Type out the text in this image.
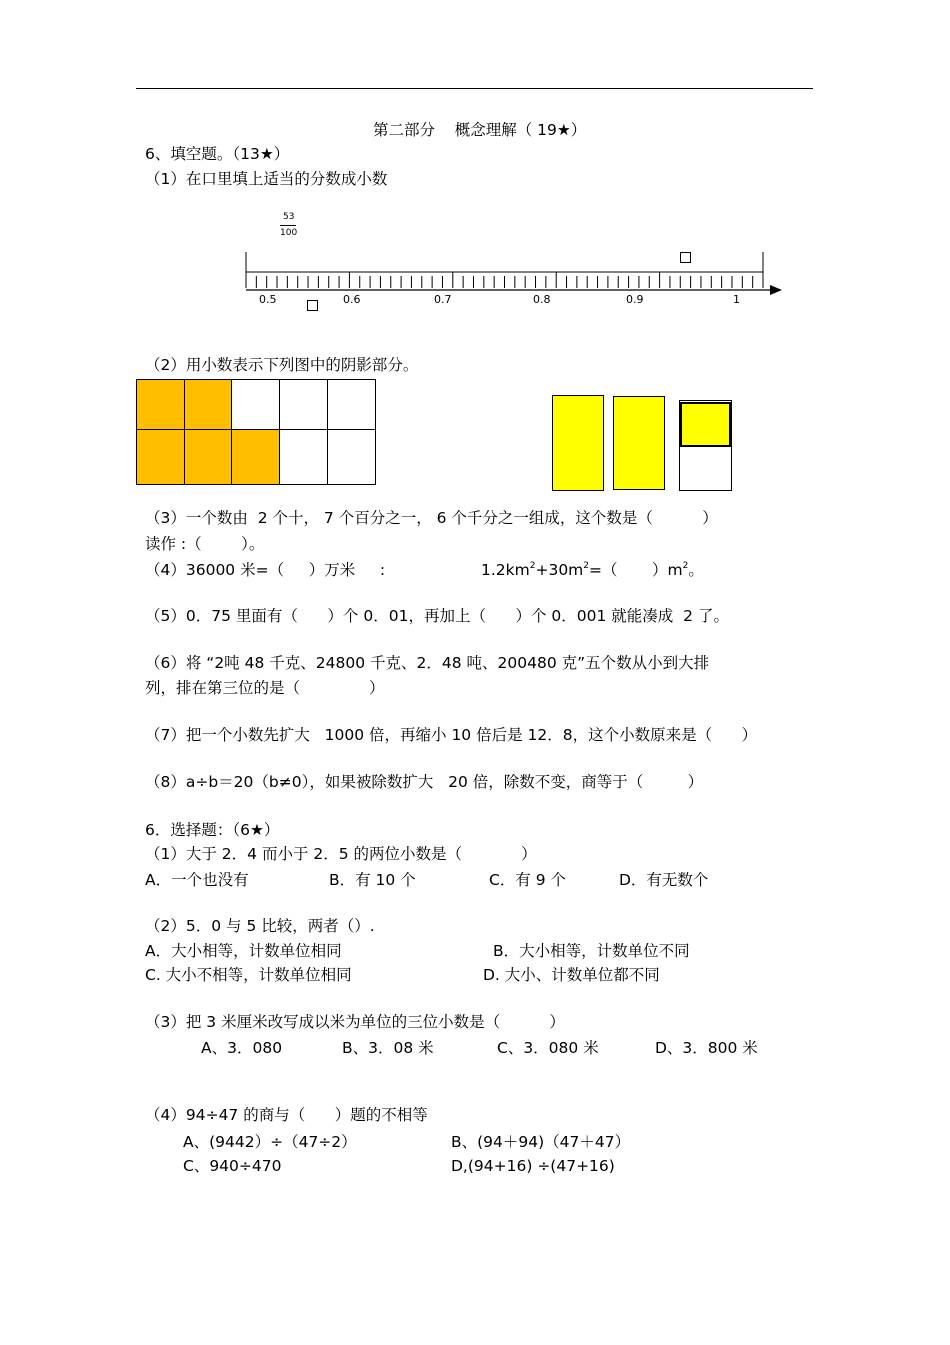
第二部分    概念理解（ 19★）
6、填空题。（13★）
（1）在口里填上适当的分数成小数
53
100
0.5	0.6	0.7	0.8	0.9	1
（2）用小数表示下列图中的阴影部分。
（3）一个数由  2 个十， 7 个百分之一， 6 个千分之一组成，这个数是（          ）
读作 :（        ）。
（4）36000 米=（     ）万米     :	$1.2km^2+30m^2=$（       ）$m^2$。
（5）0．75 里面有（      ）个 0．01，再加上（      ）个 0．001 就能凑成  2 了。
（6）将 “2吨 48 千克、24800 千克、2．48 吨、200480 克”五个数从小到大排
列，排在第三位的是（              ）
（7）把一个小数先扩大   1000 倍，再缩小 10 倍后是 12．8，这个小数原来是（      ）
（8）a÷b＝20（b≠0），如果被除数扩大   20 倍，除数不变，商等于（         ）
6．选择题：（6★）
（1）大于 2．4 而小于 2．5 的两位小数是（            ）
A．一个也没有	B．有 10 个	C．有 9 个	D．有无数个
（2）5．0 与 5 比较，两者（）.
A．大小相等，计数单位相同	B．大小相等，计数单位不同
C. 大小不相等，计数单位相同	D. 大小、计数单位都不同
（3）把 3 米厘米改写成以米为单位的三位小数是（          ）
A、3．080	B、3．08 米	C、3．080 米	D、3．800 米
（4）94÷47 的商与（      ）题的不相等
A、(9442）÷（47÷2）	B、(94＋94)（47＋47）
C、940÷470	D,(94+16) ÷(47+16)
